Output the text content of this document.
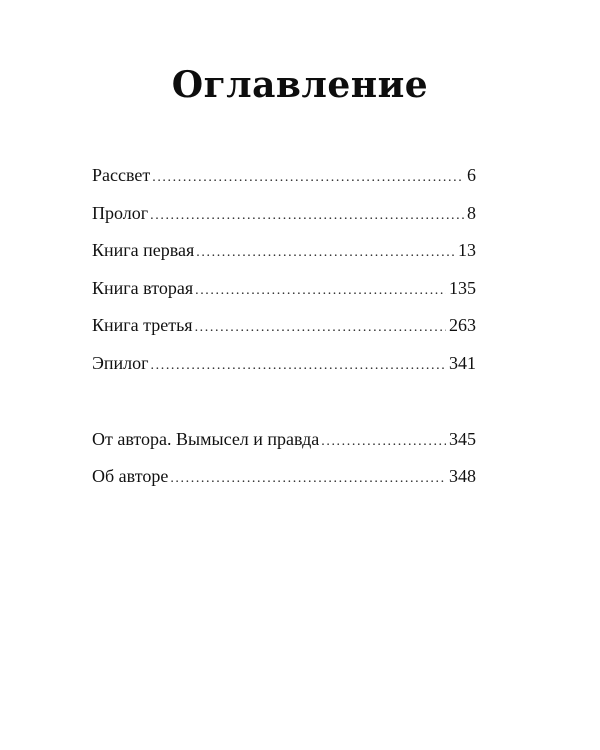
Оглавление
Рассвет .....	6
Пролог .....	8
Книга первая .....	13
Книга вторая .....	135
Книга третья .....	263
Эпилог .....	341
От автора. Вымысел и правда .....	345
Об авторе .....	348
